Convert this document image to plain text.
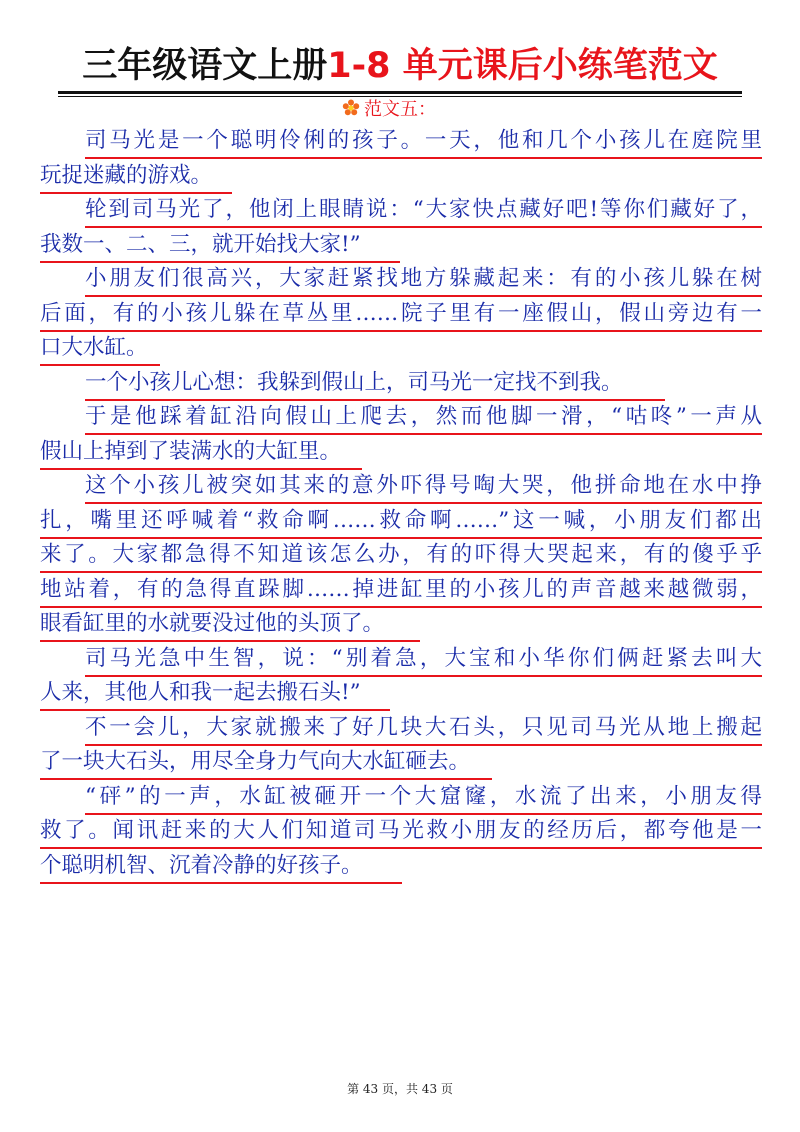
三年级语文上册1-8 单元课后小练笔范文
范文五：
司马光是一个聪明伶俐的孩子。一天，他和几个小孩儿在庭院里
玩捉迷藏的游戏。
轮到司马光了，他闭上眼睛说：“大家快点藏好吧!等你们藏好了，
我数一、二、三，就开始找大家!”
小朋友们很高兴，大家赶紧找地方躲藏起来：有的小孩儿躲在树
后面，有的小孩儿躲在草丛里……院子里有一座假山，假山旁边有一
口大水缸。
一个小孩儿心想：我躲到假山上，司马光一定找不到我。
于是他踩着缸沿向假山上爬去，然而他脚一滑，“咕咚”一声从
假山上掉到了装满水的大缸里。
这个小孩儿被突如其来的意外吓得号啕大哭，他拼命地在水中挣
扎，嘴里还呼喊着“救命啊……救命啊……”这一喊，小朋友们都出
来了。大家都急得不知道该怎么办，有的吓得大哭起来，有的傻乎乎
地站着，有的急得直跺脚……掉进缸里的小孩儿的声音越来越微弱，
眼看缸里的水就要没过他的头顶了。
司马光急中生智，说：“别着急，大宝和小华你们俩赶紧去叫大
人来，其他人和我一起去搬石头!”
不一会儿，大家就搬来了好几块大石头，只见司马光从地上搬起
了一块大石头，用尽全身力气向大水缸砸去。
“砰”的一声，水缸被砸开一个大窟窿，水流了出来，小朋友得
救了。闻讯赶来的大人们知道司马光救小朋友的经历后，都夸他是一
个聪明机智、沉着冷静的好孩子。
第 43 页，共 43 页
